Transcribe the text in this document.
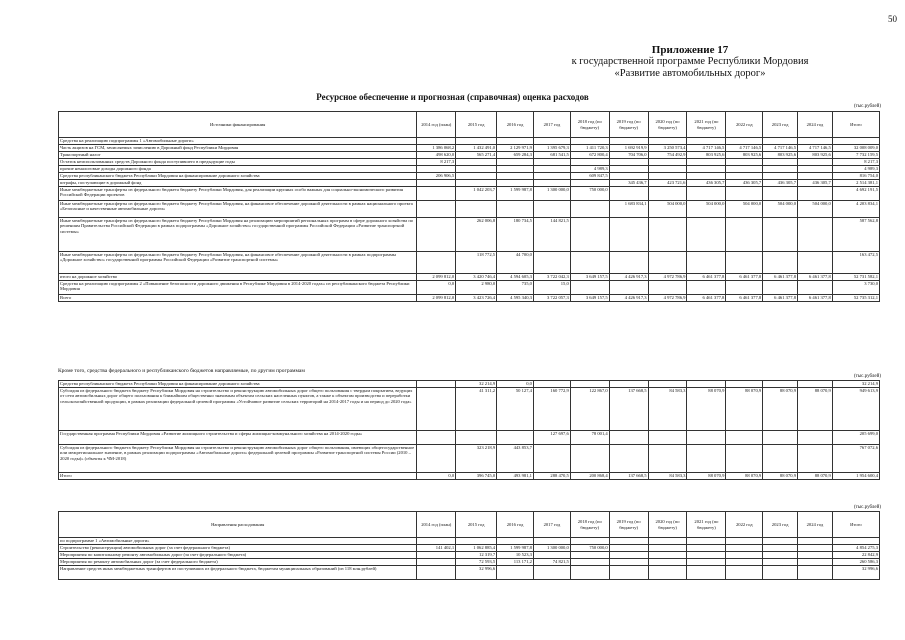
50
Приложение 17
к государственной программе Республики Мордовия
«Развитие автомобильных дорог»
Ресурсное обеспечение и прогнозная (справочная) оценка расходов
(тыс.рублей)
Источники финансирования	2014 год (план)	2015 год	2016 год	2017 год	2018 год (по бюджету)	2019 год (по бюджету)	2020 год (по бюджету)	2021 год (по бюджету)	2022 год	2023 год	2024 год	Итого
Средства на реализацию подпрограммы 1 «Автомобильные дороги»												
Часть акцизов на ГСМ, зачисляемых зачислению в Дорожный фонд Республики Мордовия	1 386 068,2	1 432 491,0	2 129 971,9	1 395 679,3	1 411 720,3	1 692 919,9	3 250 573,4	4 717 146,5	4 717 146,5	4 717 146,5	4 717 146,5	32 008 009,0
Транспортный налог	498 620,0	565 271,4	659 284,3	681 541,5	672 800,4	704 706,0	754 492,9	803 925,6	803 925,6	803 925,6	803 925,6	7 732 159,5
Остаток неиспользованных средств Дорожного фонда поступившего в предыдущие годы	8 217,3											8 217,3
прочие неналоговые доходы дорожного фонда					4 989,3							4 989,3
Средства республиканского бюджета Республики Мордовия на финансирование дорожного хозяйства	206 906,5				609 847,5							816 754,0
штрафы, поступающие в дорожный фонд						345 436,7	423 721,6	436 305,7	436 305,7	436 305,7	436 305,7	2 514 381,1
Иные межбюджетные трансферты из федерального бюджета бюджету Республики Мордовия, для реализации крупных особо важных для социально-экономического развития Российской Федерации проектов		1 042 203,7	1 599 987,8	1 300 000,0	750 000,0							4 692 191,5
Иные межбюджетные трансферты из федерального бюджета бюджету Республики Мордовия, на финансовое обеспечение дорожной деятельности в рамках национального проекта «Безопасные и качественные автомобильные дороги»						1 683 834,1	504 000,0	504 000,0	504 000,0	504 000,0	504 000,0	4 203 834,1
Иные межбюджетные трансферты из федерального бюджета бюджету Республики Мордовия на реализацию мероприятий региональных программ в сфере дорожного хозяйства по решениям Правительства Российской Федерации в рамках подпрограммы «Дорожное хозяйство» государственной программы Российской Федерации «Развитие транспортной системы»		262 006,8	180 734,5	144 821,5								587 562,8
Иные межбюджетные трансферты из федерального бюджета бюджету Республики Мордовия, на финансовое обеспечение дорожной деятельности в рамках подпрограммы «Дорожное хозяйство» государственной программы Российской Федерации «Развитие транспортной системы»		118 772,5	44 700,0									163 472,5
итого на дорожное хозяйство	2 099 812,0	3 420 746,4	4 594 605,3	3 722 042,3	3 649 157,5	4 426 917,3	4 972 786,9	6 461 377,8	6 461 377,8	6 461 377,8	6 461 377,8	52 731 582,1
Средства на реализацию подпрограммы 2 «Повышение безопасности дорожного движения в Республике Мордовия в 2014-2020 годах» из республиканского бюджета Республики Мордовия	0,0	2 980,0	735,0	15,0								3 730,0
Всего	2 099 812,0	3 423 726,4	4 595 340,3	3 722 057,3	3 649 157,5	4 426 917,3	4 972 786,9	6 461 377,8	6 461 377,8	6 461 377,8	6 461 377,8	52 735 312,1
Кроме того, средства федерального и республиканского бюджетов направляемые, по другим программам
(тыс.рублей)
Средства республиканского бюджета Республики Мордовия на финансирование дорожного хозяйства		32 214,9	0,0									32 214,9
Субсидия из федерального бюджета бюджету Республики Мордовия на строительство и реконструкцию автомобильных дорог общего пользования с твердым покрытием, ведущих от сети автомобильных дорог общего пользования к ближайшим общественно значимым объектам сельских населенных пунктов, а также к объектам производства и переработки сельскохозяйственной продукции, в рамках реализации федеральной целевой программы «Устойчивое развитие сельских территорий на 2014-2017 годы и на период до 2020 года»		41 311,2	50 127,4	160 772,9	122 867,0	137 668,5	84 583,3	88 070,9	88 070,9	88 070,9	88 070,9	949 613,9
Государственная программа Республики Мордовия «Развитие жилищного строительства и сферы жилищно-коммунального хозяйства на 2014-2020 годы»				127 697,6	78 001,4							205 699,0
Субсидия из федерального бюджета бюджету Республики Мордовия на строительство и реконструкцию автомобильных дорог общего пользования, имеющих общегосударственное или межрегиональное значение, в рамках реализации подпрограммы «Автомобильные дороги» федеральной целевой программы «Развитие транспортной системы России (2010 – 2020 годы)» (объекты к ЧМ-2018)		323 218,9	443 853,7									767 072,6
Итого	0,0	396 745,0	493 981,1	288 470,5	200 868,4	137 668,5	84 583,3	88 070,9	88 070,9	88 070,9	88 070,9	1 954 600,4
(тыс.рублей)
Направления расходования	2014 год (план)	2015 год	2016 год	2017 год	2018 год (по бюджету)	2019 год (по бюджету)	2020 год (по бюджету)	2021 год (по бюджету)	2022 год	2023 год	2024 год	Итого
по подпрограмме 1 «Автомобильные дороги»												
Строительство (реконструкция) автомобильных дорог (за счет федерального бюджета)	141 402,1	1 062 885,4	1 599 987,8	1 300 000,0	750 000,0							4 854 275,3
Мероприятия по капитальному ремонту автомобильных дорог (за счет федерального бюджета)		12 319,7	10 523,3									22 842,9
Мероприятия по ремонту автомобильных дорог (за счет федерального бюджета)		72 593,5	113 171,2	74 821,5								260 586,3
Направление средств иных межбюджетных трансфертов из поступивших из федерального бюджета, бюджетам муниципальных образований (из 118 млн.рублей)		32 996,6										32 996,6
